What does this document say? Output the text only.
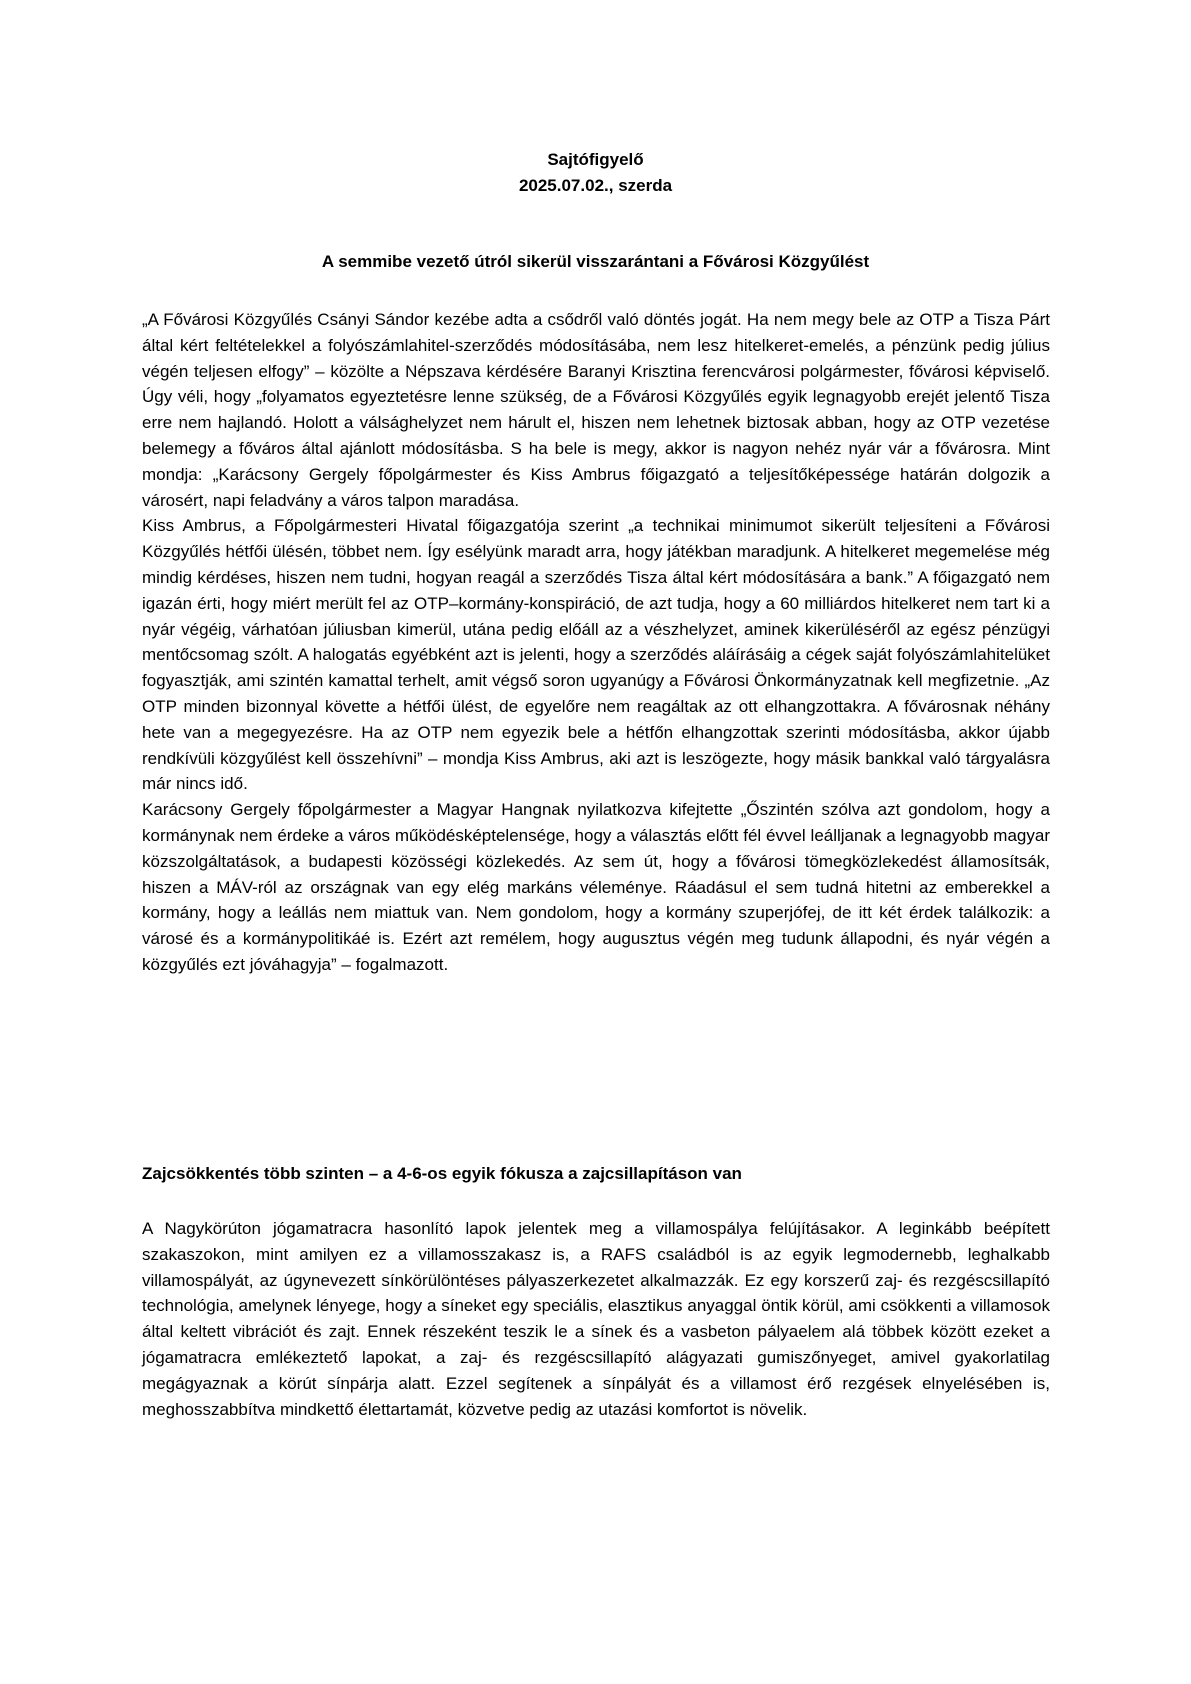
Sajtófigyelő
2025.07.02., szerda
A semmibe vezető útról sikerül visszarántani a Fővárosi Közgyűlést

„A Fővárosi Közgyűlés Csányi Sándor kezébe adta a csődről való döntés jogát. Ha nem megy bele az OTP a Tisza Párt által kért feltételekkel a folyószámlahitel-szerződés módosításába, nem lesz hitelkeret-emelés, a pénzünk pedig július végén teljesen elfogy” – közölte a Népszava kérdésére Baranyi Krisztina ferencvárosi polgármester, fővárosi képviselő. Úgy véli, hogy „folyamatos egyeztetésre lenne szükség, de a Fővárosi Közgyűlés egyik legnagyobb erejét jelentő Tisza erre nem hajlandó. Holott a válsághelyzet nem hárult el, hiszen nem lehetnek biztosak abban, hogy az OTP vezetése belemegy a főváros által ajánlott módosításba. S ha bele is megy, akkor is nagyon nehéz nyár vár a fővárosra. Mint mondja: „Karácsony Gergely főpolgármester és Kiss Ambrus főigazgató a teljesítőképessége határán dolgozik a városért, napi feladvány a város talpon maradása.

Kiss Ambrus, a Főpolgármesteri Hivatal főigazgatója szerint „a technikai minimumot sikerült teljesíteni a Fővárosi Közgyűlés hétfői ülésén, többet nem. Így esélyünk maradt arra, hogy játékban maradjunk. A hitelkeret megemelése még mindig kérdéses, hiszen nem tudni, hogyan reagál a szerződés Tisza által kért módosítására a bank.” A főigazgató nem igazán érti, hogy miért merült fel az OTP–kormány-konspiráció, de azt tudja, hogy a 60 milliárdos hitelkeret nem tart ki a nyár végéig, várhatóan júliusban kimerül, utána pedig előáll az a vészhelyzet, aminek kikerüléséről az egész pénzügyi mentőcsomag szólt. A halogatás egyébként azt is jelenti, hogy a szerződés aláírásáig a cégek saját folyószámlahitelüket fogyasztják, ami szintén kamattal terhelt, amit végső soron ugyanúgy a Fővárosi Önkormányzatnak kell megfizetnie. „Az OTP minden bizonnyal követte a hétfői ülést, de egyelőre nem reagáltak az ott elhangzottakra. A fővárosnak néhány hete van a megegyezésre. Ha az OTP nem egyezik bele a hétfőn elhangzottak szerinti módosításba, akkor újabb rendkívüli közgyűlést kell összehívni” – mondja Kiss Ambrus, aki azt is leszögezte, hogy másik bankkal való tárgyalásra már nincs idő.

Karácsony Gergely főpolgármester a Magyar Hangnak nyilatkozva kifejtette „Őszintén szólva azt gondolom, hogy a kormánynak nem érdeke a város működésképtelensége, hogy a választás előtt fél évvel leálljanak a legnagyobb magyar közszolgáltatások, a budapesti közösségi közlekedés. Az sem út, hogy a fővárosi tömegközlekedést államosítsák, hiszen a MÁV-ról az országnak van egy elég markáns véleménye. Ráadásul el sem tudná hitetni az emberekkel a kormány, hogy a leállás nem miattuk van. Nem gondolom, hogy a kormány szuperjófej, de itt két érdek találkozik: a városé és a kormánypolitikáé is. Ezért azt remélem, hogy augusztus végén meg tudunk állapodni, és nyár végén a közgyűlés ezt jóváhagyja” – fogalmazott.

Zajcsökkentés több szinten – a 4-6-os egyik fókusza a zajcsillapításon van

A Nagykörúton jógamatracra hasonlító lapok jelentek meg a villamospálya felújításakor. A leginkább beépített szakaszokon, mint amilyen ez a villamosszakasz is, a RAFS családból is az egyik legmodernebb, leghalkabb villamospályát, az úgynevezett sínkörülöntéses pályaszerkezetet alkalmazzák. Ez egy korszerű zaj- és rezgéscsillapító technológia, amelynek lényege, hogy a síneket egy speciális, elasztikus anyaggal öntik körül, ami csökkenti a villamosok által keltett vibrációt és zajt. Ennek részeként teszik le a sínek és a vasbeton pályaelem alá többek között ezeket a jógamatracra emlékeztető lapokat, a zaj- és rezgéscsillapító alágyazati gumiszőnyeget, amivel gyakorlatilag megágyaznak a körút sínpárja alatt. Ezzel segítenek a sínpályát és a villamost érő rezgések elnyelésében is, meghosszabbítva mindkettő élettartamát, közvetve pedig az utazási komfortot is növelik.
